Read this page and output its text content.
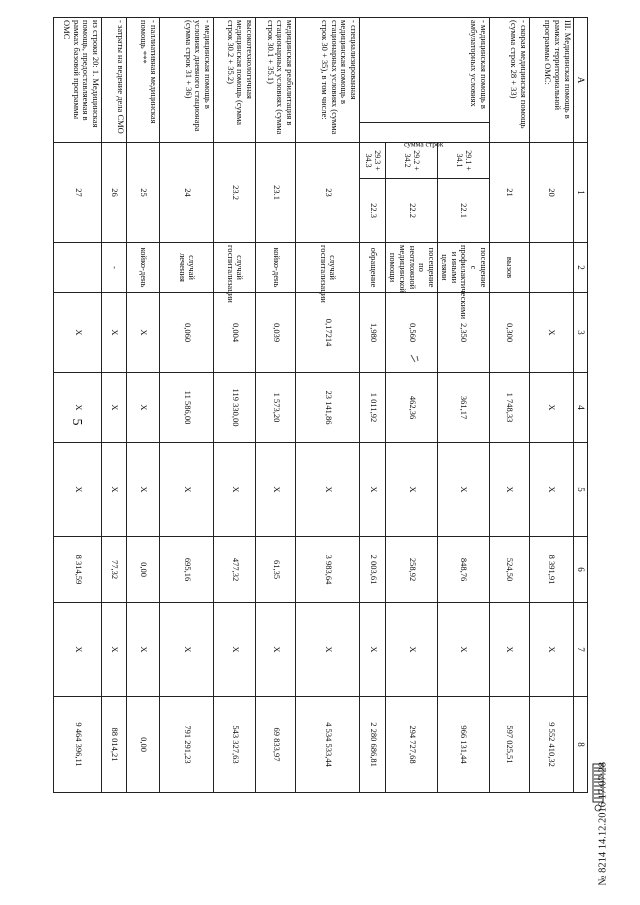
5
A		1		2	3	4	5	6	7	8	
III. Медицинская помощь в рамках территориальной программы ОМС:		20			X	X	X	8 391,91	X	9 552 410,32	
- скорая медицинская помощь (сумма строк 28 + 33)		21		вызов	0,300	1 748,33	X	524,50	X	597 025,51	
- медицинская помощь в амбулаторных условиях	сумма строк	29.1 + 34.1	22.1	посещение с профилактическими и иными целями	2,350	361,17	X	848,76	X	966 131,44	
		29.2 + 34.2	22.2	посещение по неотложной медицинской помощи	0,560	462,36	X	258,92	X	294 727,68	
		29.3 + 34.3	22.3	обращение	1,980	1 011,92	X	2 003,61	X	2 280 686,81	
- специализированная медицинская помощь в стационарных условиях (сумма строк 30 + 35), в том числе:		23		случай госпитализации	0,17214	23 141,86	X	3 983,64	X	4 534 533,44	
медицинская реабилитация в стационарных условиях (сумма строк 30.1 + 35.1)		23.1		койко-день	0,039	1 573,20	X	61,35	X	69 833,97	
высокотехнологичная медицинская помощь (сумма строк 30.2 + 35.2)		23.2		случай госпитализации	0,004	119 330,00	X	477,32	X	543 327,63	
- медицинская помощь в условиях дневного стационара (сумма строк 31 + 36)		24		случай лечения	0,060	11 586,00	X	695,16	X	791 291,23	
- паллиативная медицинская помощь ***		25		койко-день	X	X	X	0,00	X	0,00	
- затраты на ведение дела СМО		26		-	X	X	X	77,32	X	88 014,21	
из строки 20: 1. Медицинская помощь, предоставляемая в рамках базовой программы ОМС		27			X	X	X	8 314,59	X	9 464 396,11	
№ 8214 14.12.2016 17:07:28
